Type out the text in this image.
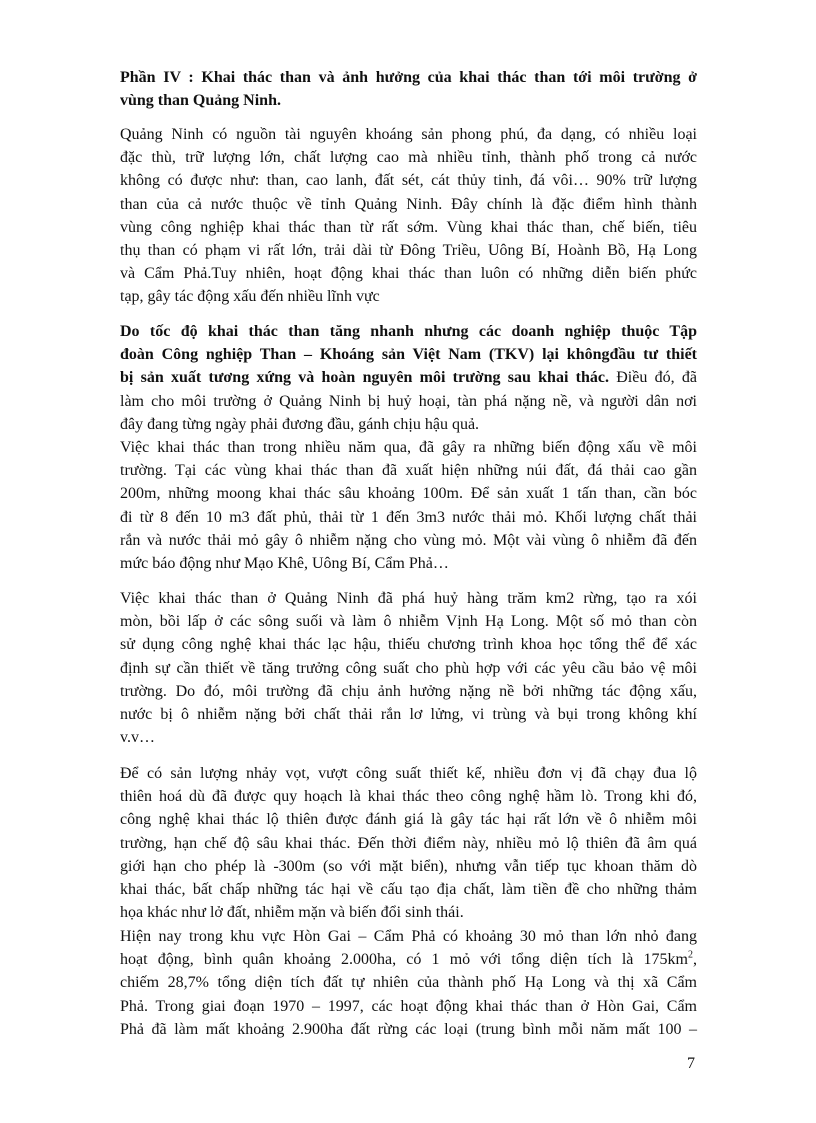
Phần IV : Khai thác than và ảnh hưởng của khai thác than tới môi trường ở
vùng than Quảng Ninh.
Quảng Ninh có nguồn tài nguyên khoáng sản phong phú, đa dạng, có nhiều loại
đặc thù, trữ lượng lớn, chất lượng cao mà nhiều tỉnh, thành phố trong cả nước
không có được như: than, cao lanh, đất sét, cát thủy tinh, đá vôi… 90% trữ lượng
than của cả nước thuộc về tỉnh Quảng Ninh. Đây chính là đặc điểm hình thành
vùng công nghiệp khai thác than từ rất sớm. Vùng khai thác than, chế biến, tiêu
thụ than có phạm vi rất lớn, trải dài từ Đông Triều, Uông Bí, Hoành Bồ, Hạ Long
và Cẩm Phả.Tuy nhiên, hoạt động khai thác than luôn có những diễn biến phức
tạp, gây tác động xấu đến nhiều lĩnh vực
Do tốc độ khai thác than tăng nhanh nhưng các doanh nghiệp thuộc Tập
đoàn Công nghiệp Than – Khoáng sản Việt Nam (TKV) lại khôngđầu tư thiết
bị sản xuất tương xứng và hoàn nguyên môi trường sau khai thác. Điều đó, đã
làm cho môi trường ở Quảng Ninh bị huỷ hoại, tàn phá nặng nề, và người dân nơi
đây đang từng ngày phải đương đầu, gánh chịu hậu quả.
Việc khai thác than trong nhiều năm qua, đã gây ra những biến động xấu về môi
trường. Tại các vùng khai thác than đã xuất hiện những núi đất, đá thải cao gần
200m, những moong khai thác sâu khoảng 100m. Để sản xuất 1 tấn than, cần bóc
đi từ 8 đến 10 m3 đất phủ, thải từ 1 đến 3m3 nước thải mỏ. Khối lượng chất thải
rắn và nước thải mỏ gây ô nhiễm nặng cho vùng mỏ. Một vài vùng ô nhiễm đã đến
mức báo động như Mạo Khê, Uông Bí, Cẩm Phả…
Việc khai thác than ở Quảng Ninh đã phá huỷ hàng trăm km2 rừng, tạo ra xói
mòn, bồi lấp ở các sông suối và làm ô nhiễm Vịnh Hạ Long. Một số mỏ than còn
sử dụng công nghệ khai thác lạc hậu, thiếu chương trình khoa học tổng thể để xác
định sự cần thiết về tăng trưởng công suất cho phù hợp với các yêu cầu bảo vệ môi
trường. Do đó, môi trường đã chịu ảnh hưởng nặng nề bởi những tác động xấu,
nước bị ô nhiễm nặng bởi chất thải rắn lơ lửng, vi trùng và bụi trong không khí
v.v…
Để có sản lượng nhảy vọt, vượt công suất thiết kế, nhiều đơn vị đã chạy đua lộ
thiên hoá dù đã được quy hoạch là khai thác theo công nghệ hầm lò. Trong khi đó,
công nghệ khai thác lộ thiên được đánh giá là gây tác hại rất lớn về ô nhiễm môi
trường, hạn chế độ sâu khai thác. Đến thời điểm này, nhiều mỏ lộ thiên đã âm quá
giới hạn cho phép là -300m (so với mặt biển), nhưng vẫn tiếp tục khoan thăm dò
khai thác, bất chấp những tác hại về cấu tạo địa chất, làm tiền đề cho những thảm
họa khác như lở đất, nhiễm mặn và biến đổi sinh thái.
Hiện nay trong khu vực Hòn Gai – Cẩm Phả có khoảng 30 mỏ than lớn nhỏ đang
hoạt động, bình quân khoảng 2.000ha, có 1 mỏ với tổng diện tích là $175km^2$,
chiếm 28,7% tổng diện tích đất tự nhiên của thành phố Hạ Long và thị xã Cẩm
Phả. Trong giai đoạn 1970 – 1997, các hoạt động khai thác than ở Hòn Gai, Cẩm
Phả đã làm mất khoảng 2.900ha đất rừng các loại (trung bình mỗi năm mất 100 –
7
